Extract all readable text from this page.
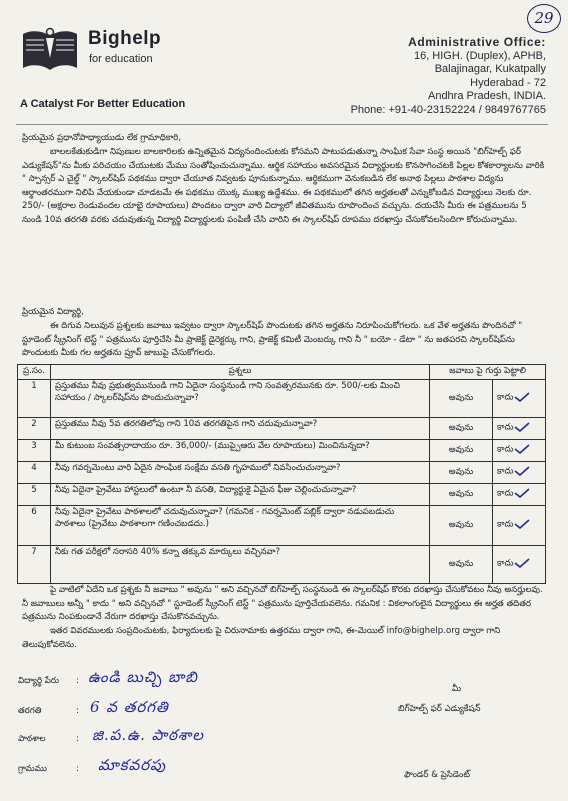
Bighelp
for education
A Catalyst For Better Education
Administrative Office:
16, HIGH. (Duplex), APHB,
Balajinagar, Kukatpally
Hyderabad - 72
Andhra Pradesh, INDIA.
Phone: +91-40-23152224 / 9849767765
29
ప్రియమైన ప్రధానోపాధ్యాయుడు లేక గ్రామాధికారి,
బాలలకేతుకుడిగా నిపుణుల బాలకారిలకు ఉన్నితమైన విద్యనందించుటకు కోసమని పాటుపడుతున్నా సాంఘిక సేవా సంస్థ అయిన "బిగ్‌హెల్ప్ ఫర్ ఎడ్యుకేషన్"ను మీకు పరిచయం చేయుటకు మేము సంతోషించుచున్నాము. ఆర్థిక సహాయం అవసరమైన విద్యార్థులకు కొనసాగించటకి పిల్లల కోశకార్యాలను వారికి " స్పాన్సర్ ఎ చైల్డ్ " స్కాలర్‌షిప్ పథకము ద్వారా చేయూత నివ్వటకు పూనుకున్నాము. ఆర్థికముగా వెనుకబడిన లేక అనాథ పిల్లలు పాఠశాల విద్యను ఆర్థాంతరముగా నిలిపి వేయకుండా చూడటమే ఈ పథకము యొక్క ముఖ్య ఉద్దేశము. ఈ పథకములో తగిన అర్హతలతో ఎన్నుకోబడిన విద్యార్థులు నెలకు రూ. 250/- (అక్షరాల రెండువందల యాభై రూపాయలు) పొందటం ద్వారా వారి విద్యాలో జీవితమును రూపొందించ వచ్చును. దయచేసి మీరు ఈ పత్రములను 5 నుండి 10వ తరగతి వరకు చదువుతున్న విద్యార్థి విద్యార్థులకు పంపిణీ చేసి వారిని ఈ స్కాలర్‌షిప్ రూపము దరఖాస్తు చేసుకోవలసిందిగా కోరుచున్నాము.
ప్రియమైన విద్యార్థి,
ఈ దిగువ నిలువున ప్రశ్నలకు జవాబు ఇవ్వటం ద్వారా స్కాలర్‌షిప్ పొందుటకు తగిన అర్హతను నిరూపించుకోగలరు. ఒక వేళ అర్హతను పొందినచో " స్టూడెంట్ స్క్రీనింగ్ టెస్ట్ " పత్రమును పూర్తిచేసి మీ ప్రాజెక్ట్ డైరెక్టర్కు గాని, ప్రాజెక్ట్ కమిటీ మెంబర్కు గాని నీ " బయో - డేటా " ను జతపరచి స్కాలర్‌షిప్‌ను పొందుటకు మీకు గల అర్హతను ప్రూవ్ జాబుపై చేసుకోగలరు.
ప్ర.సం.	ప్రశ్నలు	జవాబు పై గుర్తు పెట్టాలి	
1	ప్రస్తుతము నీవు ప్రభుత్వమునుండి గాని ఏదైనా సంస్థనుండి గాని సంవత్సరమునకు రూ. 500/-లకు మించి సహాయం / స్కాలర్‌షిప్‌ను పొందుచున్నావా?	అవును	కాదు
2	ప్రస్తుతము నీవు 5వ తరగతిలోపు గాని 10వ తరగతిపైన గాని చదువుచున్నావా?	అవును	కాదు
3	మీ కుటుంబ సంవత్సరాదాయం రూ. 36,000/- (ముప్పైఆరు వేల రూపాయలు) మించినున్నదా?	అవును	కాదు
4	నీవు గవర్నమెంటు వారి ఏదైన సాంఘిక సంక్షేమ వసతి గృహములో నివసించుచున్నావా?	అవును	కాదు
5	నీవు ఏదైనా ప్రైవేటు హాస్టలులో ఉంటూ నీ వసతి, విద్యార్థుకై ఏమైన ఫీజు చెల్లించుచున్నావా?	అవును	కాదు
6	నీవు ఏదైనా ప్రైవేటు పాఠశాలలో చదువుచున్నావా? (గమనిక - గవర్నమెంట్ పబ్లిక్ ద్వారా నడుపబడుచు పాఠశాలు (ప్రైవేటు పాఠశాలగా గణించబడదు.)	అవును	కాదు
7	నీకు గత పరీక్షలో సరాసరి 40% కన్నా తక్కువ మార్కులు వచ్చినవా?	అవును	కాదు
పై వాటిలో ఏదేని ఒక ప్రశ్నకు నీ జవాబు " అవును " అని వచ్చినచో బిగ్‌హెల్ప్ సంస్థనుండి ఈ స్కాలర్‌షిప్ కొరకు దరఖాస్తు చేసుకోవటం నీవు అనర్హులవు. నీ జవాబులు అన్నీ " కాదు " అని వచ్చినచో " స్టూడెంట్ స్క్రీనింగ్ టెస్ట్ " పత్రమును పూర్తిచేయవలెను. గమనిక : వికలాంగులైన విద్యార్థులు ఈ అర్హత తదితర పత్రమును నింపకుండానే నేరుగా దరఖాస్తు చేసుకొనవచ్చును.
ఇతర వివరములకు సంప్రదించుటకు, ఫిర్యాదులకు పై చిరునామాకు ఉత్తరము ద్వారా గాని, ఈ-మెయిల్ info@bighelp.org ద్వారా గాని తెలుపుకోవలెను.
విద్యార్థి పేరు : ఉండి బుచ్చి బాబి
తరగతి	: 6 వ తరగతి
పాఠశాల	: జి.ప.ఉ. పాఠశాల
గ్రామము	: మాకవరపు
మీ
బిగ్‌హెల్ప్ ఫర్ ఎడ్యుకేషన్
ఫౌండర్ & ప్రెసిడెంట్
